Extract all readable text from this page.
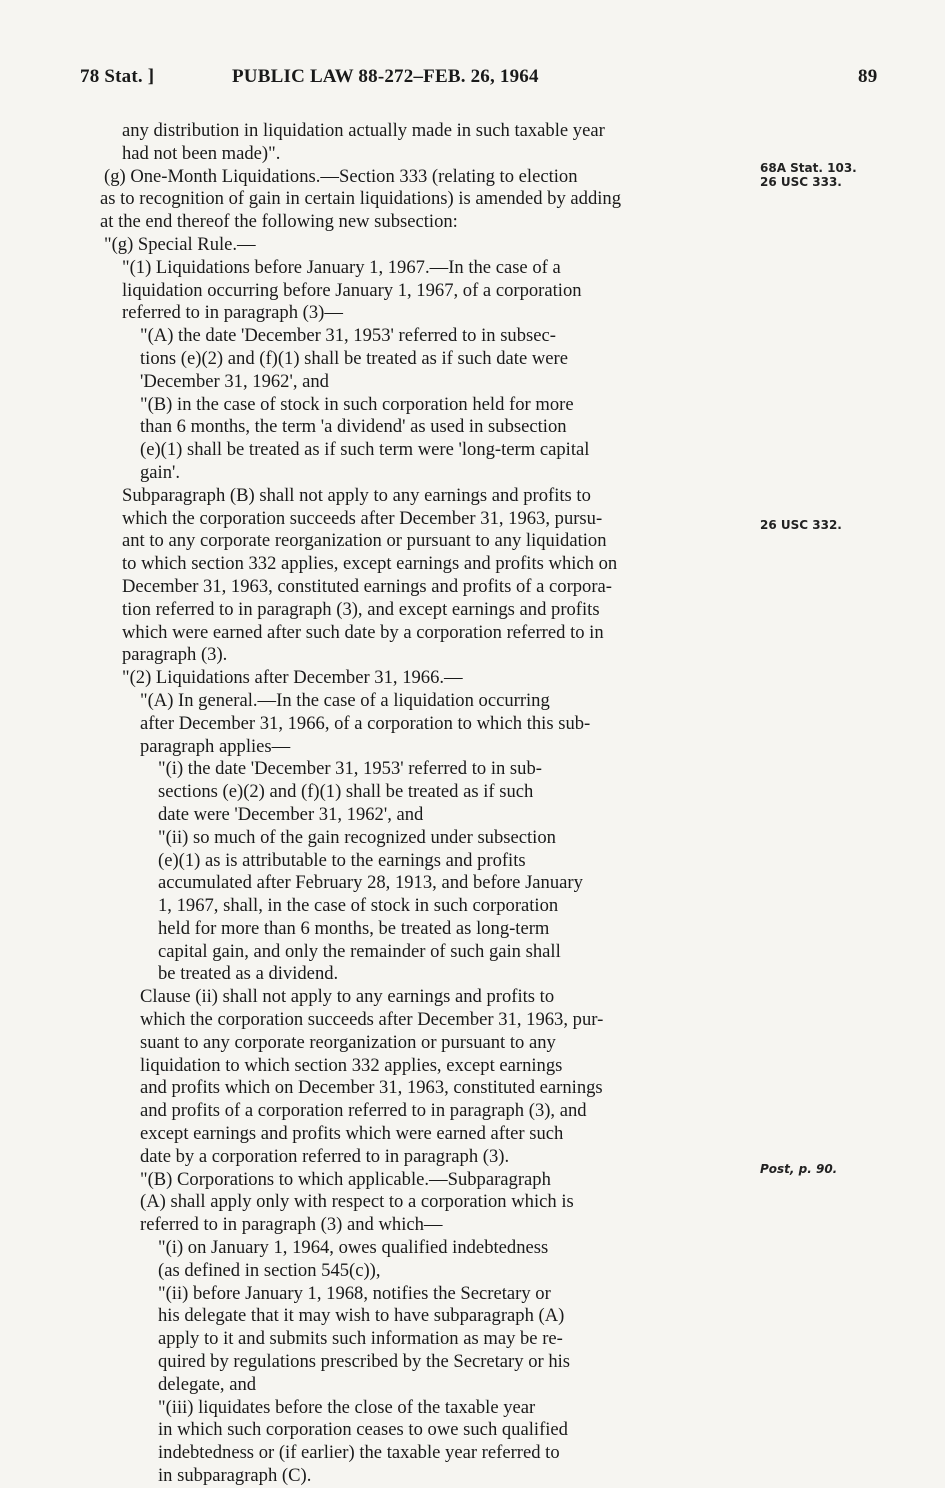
78 Stat. ]	PUBLIC LAW 88-272–FEB. 26, 1964	89
68A Stat. 103.
26 USC 333.
26 USC 332.
Post, p. 90.
any distribution in liquidation actually made in such taxable year
had not been made)".
(g) One-Month Liquidations.—Section 333 (relating to election
as to recognition of gain in certain liquidations) is amended by adding
at the end thereof the following new subsection:
"(g) Special Rule.—
"(1) Liquidations before January 1, 1967.—In the case of a
liquidation occurring before January 1, 1967, of a corporation
referred to in paragraph (3)—
"(A) the date 'December 31, 1953' referred to in subsec-
tions (e)(2) and (f)(1) shall be treated as if such date were
'December 31, 1962', and
"(B) in the case of stock in such corporation held for more
than 6 months, the term 'a dividend' as used in subsection
(e)(1) shall be treated as if such term were 'long-term capital
gain'.
Subparagraph (B) shall not apply to any earnings and profits to
which the corporation succeeds after December 31, 1963, pursu-
ant to any corporate reorganization or pursuant to any liquidation
to which section 332 applies, except earnings and profits which on
December 31, 1963, constituted earnings and profits of a corpora-
tion referred to in paragraph (3), and except earnings and profits
which were earned after such date by a corporation referred to in
paragraph (3).
"(2) Liquidations after December 31, 1966.—
"(A) In general.—In the case of a liquidation occurring
after December 31, 1966, of a corporation to which this sub-
paragraph applies—
"(i) the date 'December 31, 1953' referred to in sub-
sections (e)(2) and (f)(1) shall be treated as if such
date were 'December 31, 1962', and
"(ii) so much of the gain recognized under subsection
(e)(1) as is attributable to the earnings and profits
accumulated after February 28, 1913, and before January
1, 1967, shall, in the case of stock in such corporation
held for more than 6 months, be treated as long-term
capital gain, and only the remainder of such gain shall
be treated as a dividend.
Clause (ii) shall not apply to any earnings and profits to
which the corporation succeeds after December 31, 1963, pur-
suant to any corporate reorganization or pursuant to any
liquidation to which section 332 applies, except earnings
and profits which on December 31, 1963, constituted earnings
and profits of a corporation referred to in paragraph (3), and
except earnings and profits which were earned after such
date by a corporation referred to in paragraph (3).
"(B) Corporations to which applicable.—Subparagraph
(A) shall apply only with respect to a corporation which is
referred to in paragraph (3) and which—
"(i) on January 1, 1964, owes qualified indebtedness
(as defined in section 545(c)),
"(ii) before January 1, 1968, notifies the Secretary or
his delegate that it may wish to have subparagraph (A)
apply to it and submits such information as may be re-
quired by regulations prescribed by the Secretary or his
delegate, and
"(iii) liquidates before the close of the taxable year
in which such corporation ceases to owe such qualified
indebtedness or (if earlier) the taxable year referred to
in subparagraph (C).
